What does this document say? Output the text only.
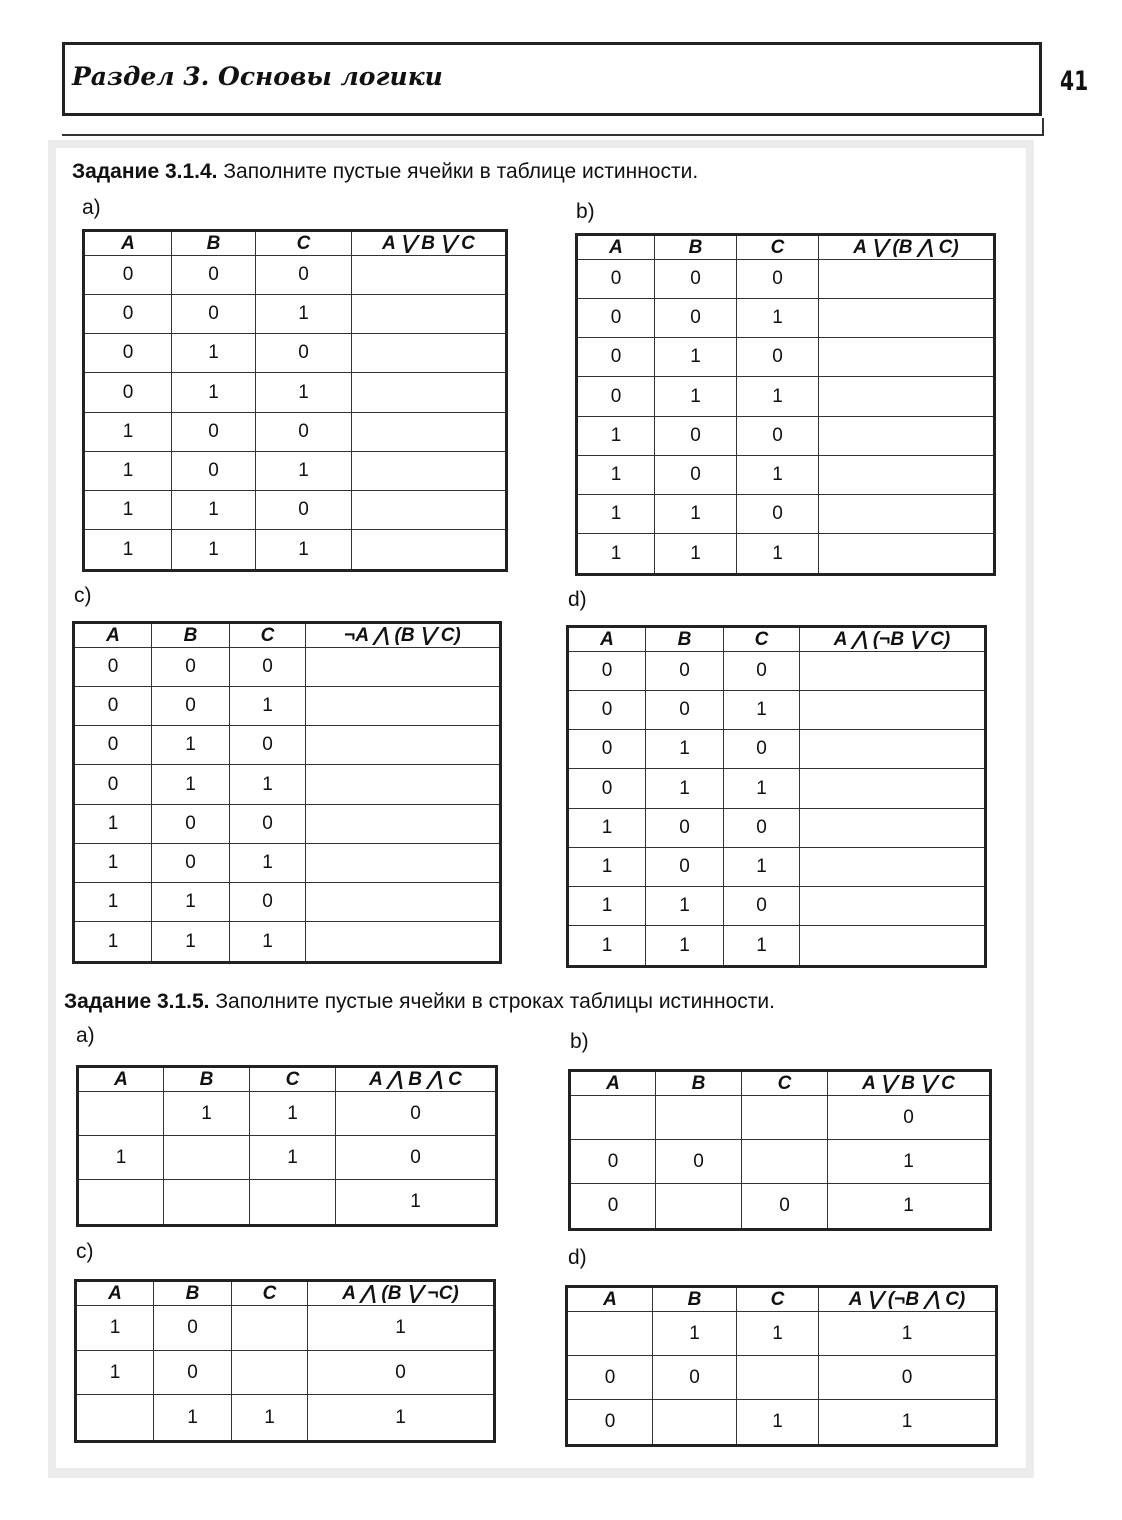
Раздел 3. Основы логики	41
Задание 3.1.4. Заполните пустые ячейки в таблице истинности.
a)	b)
c)	d)
A	B	C	A ⋁ B ⋁ C
0	0	0	
0	0	1	
0	1	0	
0	1	1	
1	0	0	
1	0	1	
1	1	0	
1	1	1	
A	B	C	A ⋁ (B ⋀ C)
0	0	0	
0	0	1	
0	1	0	
0	1	1	
1	0	0	
1	0	1	
1	1	0	
1	1	1	
A	B	C	¬A ⋀ (B ⋁ C)
0	0	0	
0	0	1	
0	1	0	
0	1	1	
1	0	0	
1	0	1	
1	1	0	
1	1	1	
A	B	C	A ⋀ (¬B ⋁ C)
0	0	0	
0	0	1	
0	1	0	
0	1	1	
1	0	0	
1	0	1	
1	1	0	
1	1	1	
Задание 3.1.5. Заполните пустые ячейки в строках таблицы истинности.
a)	b)
c)	d)
A	B	C	A ⋀ B ⋀ C
	1	1	0
1		1	0
			1
A	B	C	A ⋁ B ⋁ C
			0
0	0		1
0		0	1
A	B	C	A ⋀ (B ⋁ ¬C)
1	0		1
1	0		0
	1	1	1
A	B	C	A ⋁ (¬B ⋀ C)
	1	1	1
0	0		0
0		1	1
